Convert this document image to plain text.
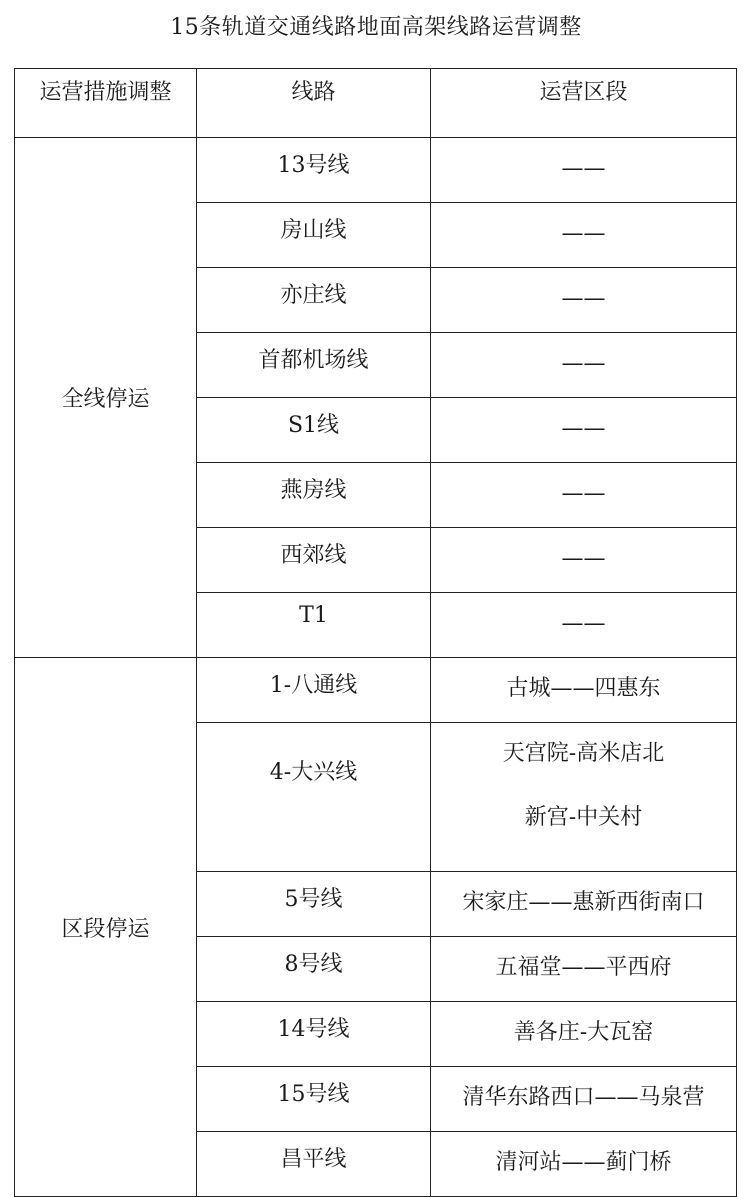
15条轨道交通线路地面高架线路运营调整
运营措施调整	线路	运营区段
全线停运	13号线	——

	房山线	——

	亦庄线	——

	首都机场线	——

	S1线	——

	燕房线	——

	西郊线	——

	T1	——

区段停运	1-八通线	古城——四惠东

	4-大兴线	天宫院-高米店北
新宫-中关村

	5号线	宋家庄——惠新西街南口

	8号线	五福堂——平西府

	14号线	善各庄-大瓦窑

	15号线	清华东路西口——马泉营

	昌平线	清河站——蓟门桥
